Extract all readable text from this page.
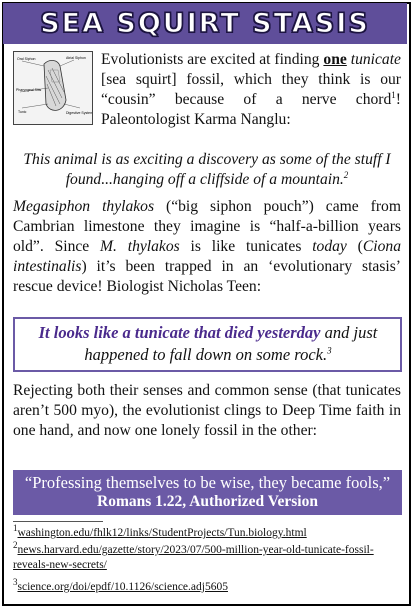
SEA SQUIRT STASIS
Oral Siphon	Atrial Siphon
Pharyngeal Slits
Tunic	Digestive System

Evolutionists are excited at finding one tunicate [sea squirt] fossil, which they think is our “cousin” because of a nerve chord$^1$! Paleontologist Karma Nanglu:

This animal is as exciting a discovery as some of the stuff I found...hanging off a cliffside of a mountain.$^2$

Megasiphon thylakos (“big siphon pouch”) came from Cambrian limestone they imagine is “half-a-billion years old”. Since M. thylakos is like tunicates today (Ciona intestinalis) it’s been trapped in an ‘evolutionary stasis’ rescue device! Biologist Nicholas Teen:

It looks like a tunicate that died yesterday and just happened to fall down on some rock.$^3$

Rejecting both their senses and common sense (that tunicates aren’t 500 myo), the evolutionist clings to Deep Time faith in one hand, and now one lonely fossil in the other:

“Professing themselves to be wise, they became fools,”
Romans 1.22, Authorized Version
$^1$washington.edu/fhlk12/links/StudentProjects/Tun.biology.html
$^2$news.harvard.edu/gazette/story/2023/07/500-million-year-old-tunicate-fossil-reveals-new-secrets/
$^3$science.org/doi/epdf/10.1126/science.adj5605
